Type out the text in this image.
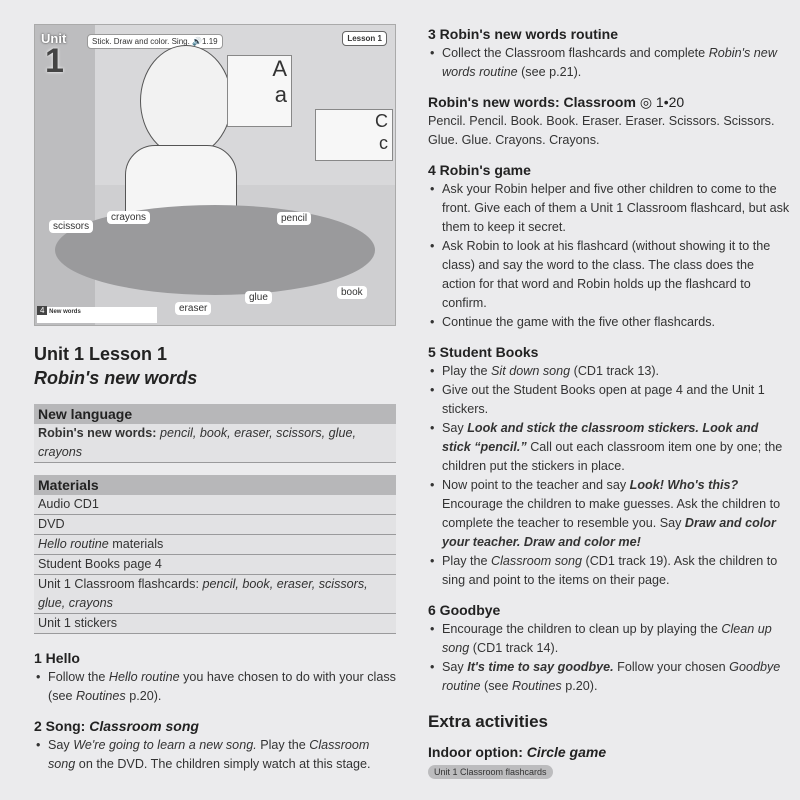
Unit
1
Stick. Draw and color. Sing. 🔊1.19	Lesson 1
A
a
C
c
scissors
crayons	pencil
eraser
glue	book
4 New words
Unit 1 Lesson 1
Robin's new words
New language
Robin's new words: pencil, book, eraser, scissors, glue, crayons
Materials
Audio CD1
DVD
Hello routine materials
Student Books page 4
Unit 1 Classroom flashcards: pencil, book, eraser, scissors, glue, crayons
Unit 1 stickers
1 Hello
• Follow the Hello routine you have chosen to do with your class (see Routines p.20).
2 Song: Classroom song
• Say We're going to learn a new song. Play the Classroom song on the DVD. The children simply watch at this stage.
3 Robin's new words routine
• Collect the Classroom flashcards and complete Robin's new words routine (see p.21).
Robin's new words: Classroom ◎ 1•20
Pencil. Pencil. Book. Book. Eraser. Eraser. Scissors. Scissors. Glue. Glue. Crayons. Crayons.
4 Robin's game
• Ask your Robin helper and five other children to come to the front. Give each of them a Unit 1 Classroom flashcard, but ask them to keep it secret.
• Ask Robin to look at his flashcard (without showing it to the class) and say the word to the class. The class does the action for that word and Robin holds up the flashcard to confirm.
• Continue the game with the five other flashcards.
5 Student Books
• Play the Sit down song (CD1 track 13).
• Give out the Student Books open at page 4 and the Unit 1 stickers.
• Say Look and stick the classroom stickers. Look and stick “pencil.” Call out each classroom item one by one; the children put the stickers in place.
• Now point to the teacher and say Look! Who's this? Encourage the children to make guesses. Ask the children to complete the teacher to resemble you. Say Draw and color your teacher. Draw and color me!
• Play the Classroom song (CD1 track 19). Ask the children to sing and point to the items on their page.
6 Goodbye
• Encourage the children to clean up by playing the Clean up song (CD1 track 14).
• Say It's time to say goodbye. Follow your chosen Goodbye routine (see Routines p.20).
Extra activities
Indoor option: Circle game
Unit 1 Classroom flashcards
